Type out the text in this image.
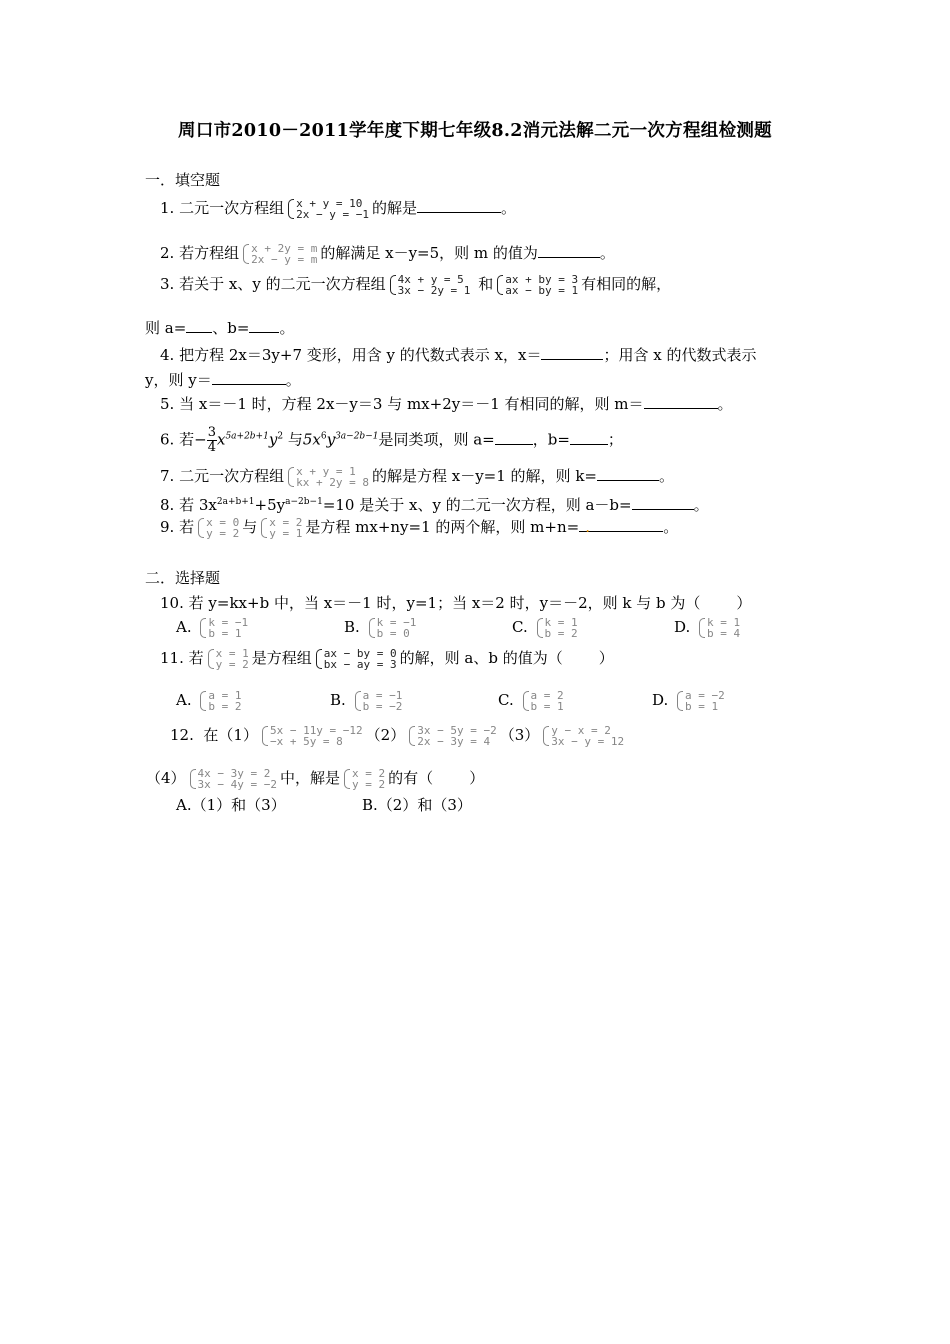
周口市2010－2011学年度下期七年级8.2消元法解二元一次方程组检测题
一．填空题
1. 二元一次方程组 x + y = 10
2x − y = −1 的解是	。
2. 若方程组 x + 2y = m
2x − y = m 的解满足 x－y=5，则 m 的值为	。
3. 若关于 x、y 的二元一次方程组 4x + y = 5
3x − 2y = 1 和 ax + by = 3
ax − by = 1 有相同的解，
则 a= 、b= 。
4. 把方程 2x＝3y+7 变形，用含 y 的代数式表示 x，x＝	；用含 x 的代数式表示
y，则 y＝	。
5. 当 x＝－1 时，方程 2x－y＝3 与 mx+2y＝－1 有相同的解，则 m＝	。
6. 若− $\frac{3}{4} x^{5a+2b+1}y^2$ 与$5x^6y^{3a-2b-1}$是同类项，则 a=	，b=	；
7. 二元一次方程组 x + y = 1
kx + 2y = 8 的解是方程 x－y=1 的解，则 k=	。
8. 若 $3x^{2a+b+1}+5y^{a-2b-1}=10$ 是关于 x、y 的二元一次方程，则 a－b=	。
9. 若 x = 0
y = 2 与 x = 2
y = 1 是方程 mx+ny=1 的两个解，则 m+n= .	。
二．选择题
10. 若 y=kx+b 中，当 x＝－1 时，y=1；当 x＝2 时，y＝－2，则 k 与 b 为（ ）
A. k = −1
b = 1	B. k = −1
b = 0	C. k = 1
b = 2	D. k = 1
b = 4
11. 若 x = 1
y = 2 是方程组 ax − by = 0
bx − ay = 3 的解，则 a、b 的值为（ ）
A. a = 1
b = 2	B. a = −1
b = −2	C. a = 2
b = 1	D. a = −2
b = 1
12. 在（1） 5x − 11y = −12
−x + 5y = 8	（2） 3x − 5y = −2
2x − 3y = 4 （3） y − x = 2
3x − y = 12
（4） 4x − 3y = 2
3x − 4y = −2 中，解是 x = 2
y = 2 的有（ ）
A.（1）和（3）	B.（2）和（3）
